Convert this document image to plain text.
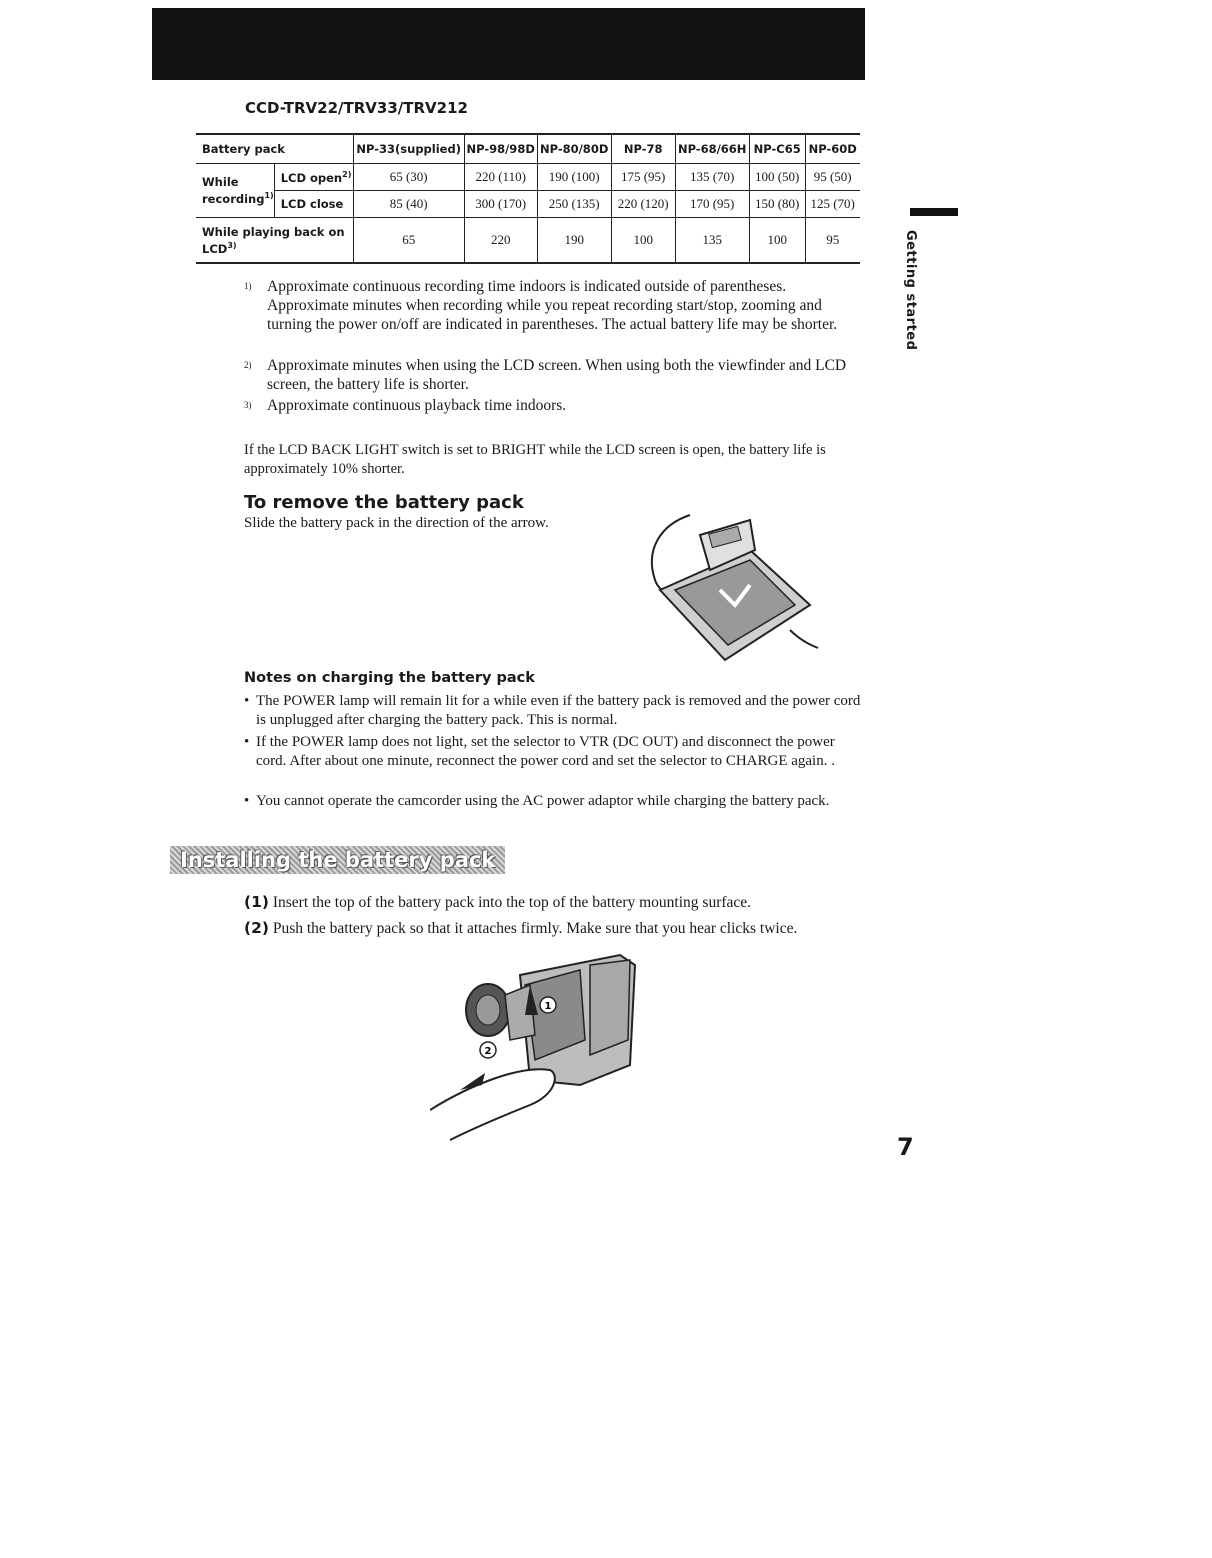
CCD-TRV22/TRV33/TRV212
Battery pack		NP-33(supplied)	NP-98/98D	NP-80/80D	NP-78	NP-68/66H	NP-C65	NP-60D
While recording$^{1)}$	LCD open$^{2)}$	65 (30)	220 (110)	190 (100)	175 (95)	135 (70)	100 (50)	95 (50)
	LCD close	85 (40)	300 (170)	250 (135)	220 (120)	170 (95)	150 (80)	125 (70)
While playing back on LCD$^{3)}$		65	220	190	100	135	100	95
1) Approximate continuous recording time indoors is indicated outside of parentheses. Approximate minutes when recording while you repeat recording start/stop, zooming and turning the power on/off are indicated in parentheses. The actual battery life may be shorter.
2) Approximate minutes when using the LCD screen. When using both the viewfinder and LCD screen, the battery life is shorter.
3) Approximate continuous playback time indoors.
If the LCD BACK LIGHT switch is set to BRIGHT while the LCD screen is open, the battery life is approximately 10% shorter.
To remove the battery pack
Slide the battery pack in the direction of the arrow.
Notes on charging the battery pack
• The POWER lamp will remain lit for a while even if the battery pack is removed and the power cord is unplugged after charging the battery pack. This is normal.
• If the POWER lamp does not light, set the selector to VTR (DC OUT) and disconnect the power cord. After about one minute, reconnect the power cord and set the selector to CHARGE again. .
• You cannot operate the camcorder using the AC power adaptor while charging the battery pack.
Installing the battery pack
(1) Insert the top of the battery pack into the top of the battery mounting surface.
(2) Push the battery pack so that it attaches firmly. Make sure that you hear clicks twice.
2
1
Getting started
7
